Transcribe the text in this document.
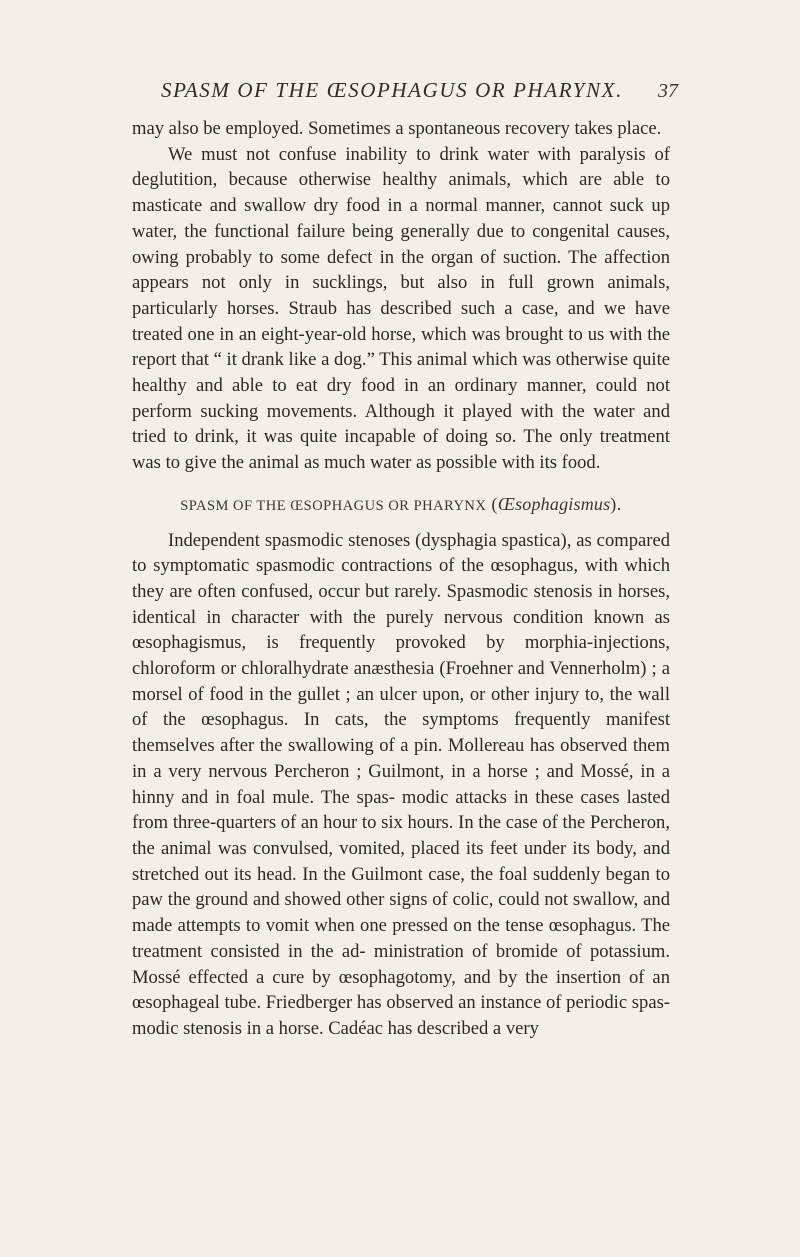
SPASM OF THE ŒSOPHAGUS OR PHARYNX.	37

may also be employed. Sometimes a spontaneous recovery takes place.

We must not confuse inability to drink water with paralysis of deglutition, because otherwise healthy animals, which are able to masticate and swallow dry food in a normal manner, cannot suck up water, the functional failure being generally due to congenital causes, owing probably to some defect in the organ of suction. The affection appears not only in sucklings, but also in full grown animals, particularly horses. Straub has described such a case, and we have treated one in an eight-year-old horse, which was brought to us with the report that “ it drank like a dog.” This animal which was otherwise quite healthy and able to eat dry food in an ordinary manner, could not perform sucking movements. Although it played with the water and tried to drink, it was quite incapable of doing so. The only treatment was to give the animal as much water as possible with its food.

SPASM OF THE ŒSOPHAGUS OR PHARYNX (Œsophagismus).

Independent spasmodic stenoses (dysphagia spastica), as compared to symptomatic spasmodic contractions of the œsophagus, with which they are often confused, occur but rarely. Spasmodic stenosis in horses, identical in character with the purely nervous condition known as œsophagismus, is frequently provoked by morphia-injections, chloroform or chloralhydrate anæsthesia (Froehner and Vennerholm) ; a morsel of food in the gullet ; an ulcer upon, or other injury to, the wall of the œsophagus. In cats, the symptoms frequently manifest themselves after the swallowing of a pin. Mollereau has observed them in a very nervous Percheron ; Guilmont, in a horse ; and Mossé, in a hinny and in foal mule. The spas- modic attacks in these cases lasted from three-quarters of an hour to six hours. In the case of the Percheron, the animal was convulsed, vomited, placed its feet under its body, and stretched out its head. In the Guilmont case, the foal suddenly began to paw the ground and showed other signs of colic, could not swallow, and made attempts to vomit when one pressed on the tense œsophagus. The treatment consisted in the ad- ministration of bromide of potassium. Mossé effected a cure by œsophagotomy, and by the insertion of an œsophageal tube. Friedberger has observed an instance of periodic spas- modic stenosis in a horse. Cadéac has described a very
